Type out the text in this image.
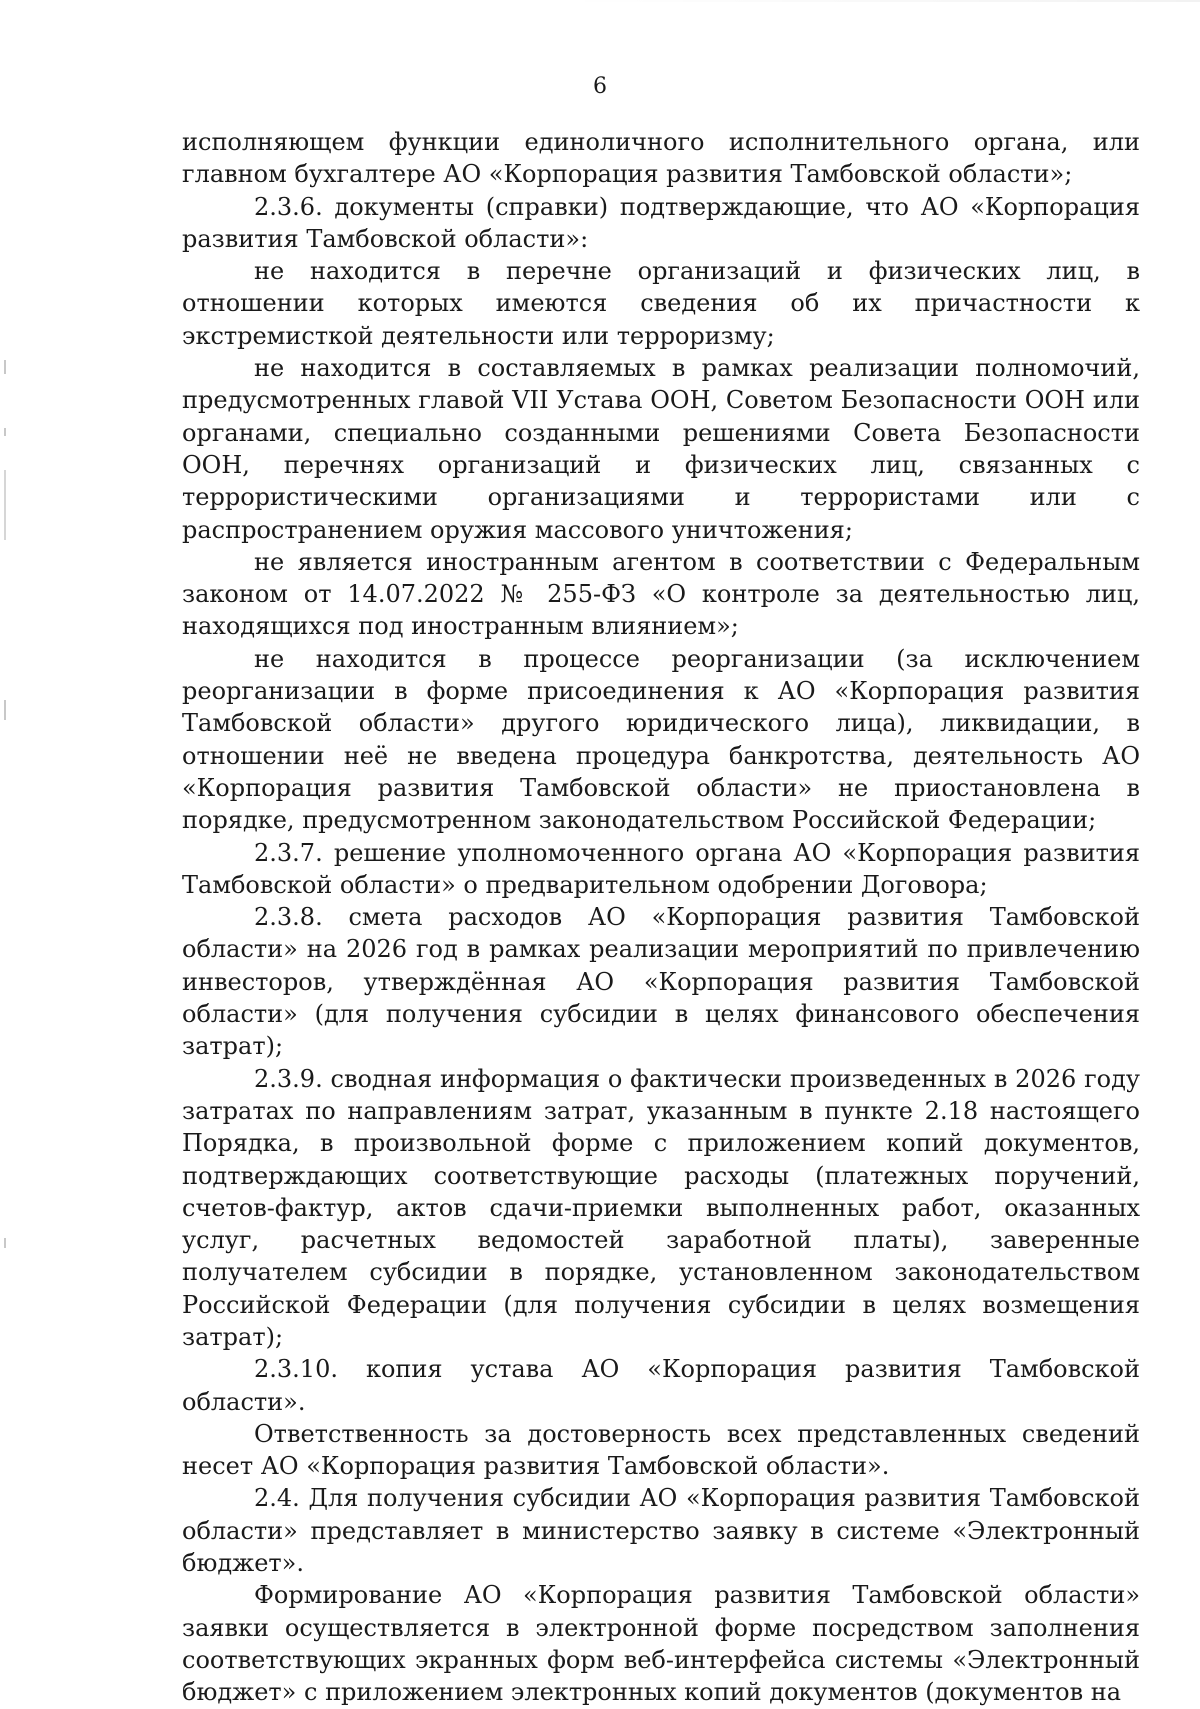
6

исполняющем функции единоличного исполнительного органа, или главном бухгалтере АО «Корпорация развития Тамбовской области»;

2.3.6. документы (справки) подтверждающие, что АО «Корпорация развития Тамбовской области»:

не находится в перечне организаций и физических лиц, в отношении которых имеются сведения об их причастности к экстремисткой деятельности или терроризму;

не находится в составляемых в рамках реализации полномочий, предусмотренных главой VII Устава ООН, Советом Безопасности ООН или органами, специально созданными решениями Совета Безопасности ООН, перечнях организаций и физических лиц, связанных с террористическими организациями и террористами или с распространением оружия массового уничтожения;

не является иностранным агентом в соответствии с Федеральным законом от 14.07.2022 № 255-ФЗ «О контроле за деятельностью лиц, находящихся под иностранным влиянием»;

не находится в процессе реорганизации (за исключением реорганизации в форме присоединения к АО «Корпорация развития Тамбовской области» другого юридического лица), ликвидации, в отношении неё не введена процедура банкротства, деятельность АО «Корпорация развития Тамбовской области» не приостановлена в порядке, предусмотренном законодательством Российской Федерации;

2.3.7. решение уполномоченного органа АО «Корпорация развития Тамбовской области» о предварительном одобрении Договора;

2.3.8. смета расходов АО «Корпорация развития Тамбовской области» на 2026 год в рамках реализации мероприятий по привлечению инвесторов, утверждённая АО «Корпорация развития Тамбовской области» (для получения субсидии в целях финансового обеспечения затрат);

2.3.9. сводная информация о фактически произведенных в 2026 году затратах по направлениям затрат, указанным в пункте 2.18 настоящего Порядка, в произвольной форме с приложением копий документов, подтверждающих соответствующие расходы (платежных поручений, счетов-фактур, актов сдачи-приемки выполненных работ, оказанных услуг, расчетных ведомостей заработной платы), заверенные получателем субсидии в порядке, установленном законодательством Российской Федерации (для получения субсидии в целях возмещения затрат);

2.3.10. копия устава АО «Корпорация развития Тамбовской области».

Ответственность за достоверность всех представленных сведений несет АО «Корпорация развития Тамбовской области».

2.4. Для получения субсидии АО «Корпорация развития Тамбовской области» представляет в министерство заявку в системе «Электронный бюджет».

Формирование АО «Корпорация развития Тамбовской области» заявки осуществляется в электронной форме посредством заполнения соответствующих экранных форм веб-интерфейса системы «Электронный бюджет» с приложением электронных копий документов (документов на
